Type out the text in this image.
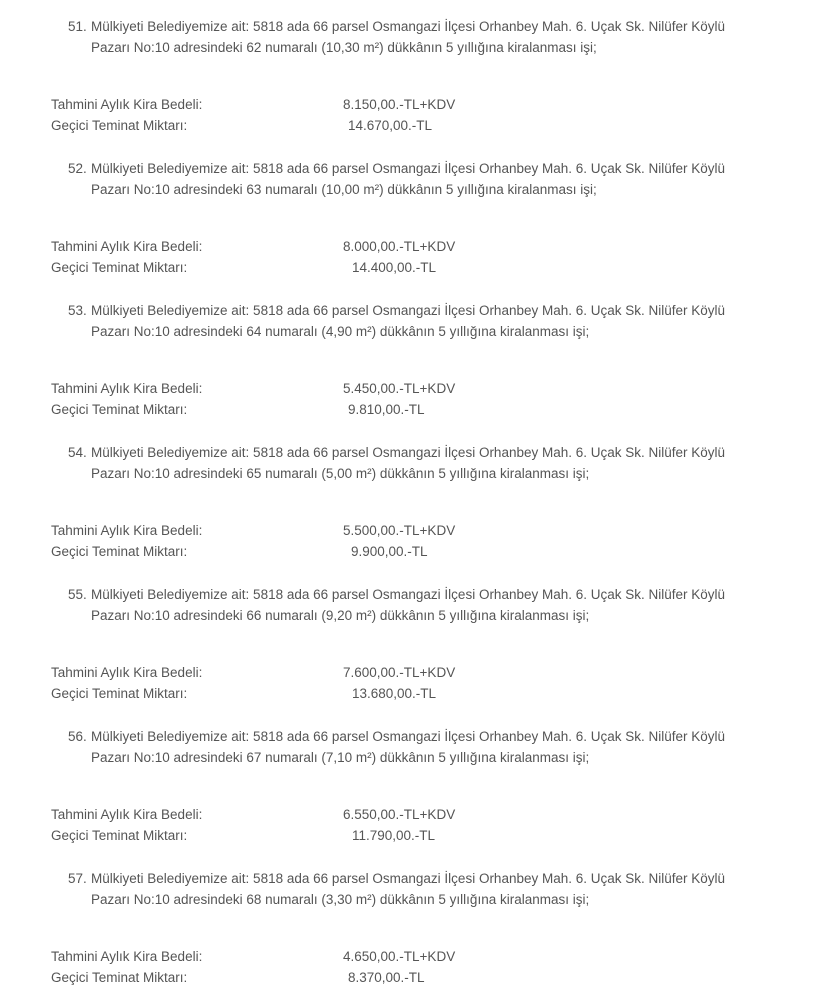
51. Mülkiyeti Belediyemize ait: 5818 ada 66 parsel Osmangazi İlçesi Orhanbey Mah. 6. Uçak Sk. Nilüfer Köylü
Pazarı No:10 adresindeki 62 numaralı (10,30 m²) dükkânın 5 yıllığına kiralanması işi;
Tahmini Aylık Kira Bedeli:	8.150,00.-TL+KDV
Geçici Teminat Miktarı:	14.670,00.-TL
52. Mülkiyeti Belediyemize ait: 5818 ada 66 parsel Osmangazi İlçesi Orhanbey Mah. 6. Uçak Sk. Nilüfer Köylü
Pazarı No:10 adresindeki 63 numaralı (10,00 m²) dükkânın 5 yıllığına kiralanması işi;
Tahmini Aylık Kira Bedeli:	8.000,00.-TL+KDV
Geçici Teminat Miktarı:	14.400,00.-TL
53. Mülkiyeti Belediyemize ait: 5818 ada 66 parsel Osmangazi İlçesi Orhanbey Mah. 6. Uçak Sk. Nilüfer Köylü
Pazarı No:10 adresindeki 64 numaralı (4,90 m²) dükkânın 5 yıllığına kiralanması işi;
Tahmini Aylık Kira Bedeli:	5.450,00.-TL+KDV
Geçici Teminat Miktarı:	9.810,00.-TL
54. Mülkiyeti Belediyemize ait: 5818 ada 66 parsel Osmangazi İlçesi Orhanbey Mah. 6. Uçak Sk. Nilüfer Köylü
Pazarı No:10 adresindeki 65 numaralı (5,00 m²) dükkânın 5 yıllığına kiralanması işi;
Tahmini Aylık Kira Bedeli:	5.500,00.-TL+KDV
Geçici Teminat Miktarı:	9.900,00.-TL
55. Mülkiyeti Belediyemize ait: 5818 ada 66 parsel Osmangazi İlçesi Orhanbey Mah. 6. Uçak Sk. Nilüfer Köylü
Pazarı No:10 adresindeki 66 numaralı (9,20 m²) dükkânın 5 yıllığına kiralanması işi;
Tahmini Aylık Kira Bedeli:	7.600,00.-TL+KDV
Geçici Teminat Miktarı:	13.680,00.-TL
56. Mülkiyeti Belediyemize ait: 5818 ada 66 parsel Osmangazi İlçesi Orhanbey Mah. 6. Uçak Sk. Nilüfer Köylü
Pazarı No:10 adresindeki 67 numaralı (7,10 m²) dükkânın 5 yıllığına kiralanması işi;
Tahmini Aylık Kira Bedeli:	6.550,00.-TL+KDV
Geçici Teminat Miktarı:	11.790,00.-TL
57. Mülkiyeti Belediyemize ait: 5818 ada 66 parsel Osmangazi İlçesi Orhanbey Mah. 6. Uçak Sk. Nilüfer Köylü
Pazarı No:10 adresindeki 68 numaralı (3,30 m²) dükkânın 5 yıllığına kiralanması işi;
Tahmini Aylık Kira Bedeli:	4.650,00.-TL+KDV
Geçici Teminat Miktarı:	8.370,00.-TL
